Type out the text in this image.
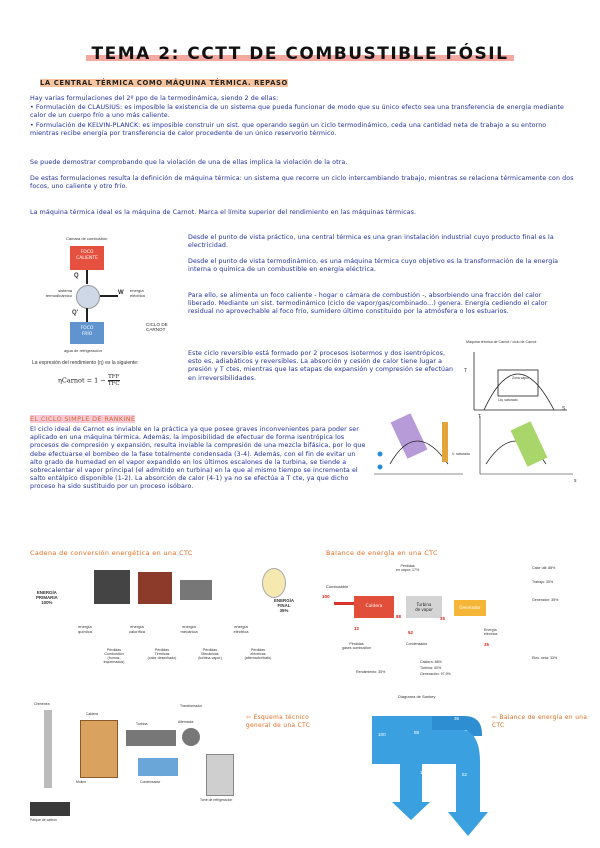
TEMA 2: CCTT DE COMBUSTIBLE FÓSIL
LA CENTRAL TÉRMICA COMO MÁQUINA TÉRMICA. REPASO
Hay varias formulaciones del 2º ppo de la termodinámica, siendo 2 de ellas:
• Formulación de CLAUSIUS: es imposible la existencia de un sistema que pueda funcionar de modo que su único efecto sea una transferencia de energía mediante calor de un cuerpo frío a uno más caliente.
• Formulación de KELVIN-PLANCK: es imposible construir un sist. que operando según un ciclo termodinámico, ceda una cantidad neta de trabajo a su entorno mientras recibe energía por transferencia de calor procedente de un único reservorio térmico.
Se puede demostrar comprobando que la violación de una de ellas implica la violación de la otra.
De estas formulaciones resulta la definición de máquina térmica: un sistema que recorre un ciclo intercambiando trabajo, mientras se relaciona térmicamente con dos focos, uno caliente y otro frío.
La máquina térmica ideal es la máquina de Carnot. Marca el límite superior del rendimiento en las máquinas térmicas.
Cámara de combustión
FOCO
CALIENTE
Q
sistema
termodinámico	W energía
eléctrica
Q'
FOCO
FRÍO
CICLO DE
CARNOT
agua de refrigeración
La expresión del rendimiento (η) es la siguiente:
ηCarnot = 1 − TFF
TFC
Desde el punto de vista práctico, una central térmica es una gran instalación industrial cuyo producto final es la electricidad.
Desde el punto de vista termodinámico, es una máquina térmica cuyo objetivo es la transformación de la energía interna o química de un combustible en energía eléctrica.
Para ello, se alimenta un foco caliente - hogar o cámara de combustión -, absorbiendo una fracción del calor liberado. Mediante un sist. termodinámico (ciclo de vapor/gas/combinado...) genera. Energía cediendo el calor residual no aprovechable al foco frío, sumidero último constituido por la atmósfera o los estuarios.
Este ciclo reversible está formado por 2 procesos isotermos y dos isentrópicos, esto es, adiabáticos y reversibles. La absorción y cesión de calor tiene lugar a presión y T ctes, mientras que las etapas de expansión y compresión se efectúan en irreversibilidades.
Máquina térmica de Carnot / ciclo de Carnot
T
S
Zona vapor
Liq. saturado
EL CICLO SIMPLE DE RANKINE
El ciclo ideal de Carnot es inviable en la práctica ya que posee graves inconvenientes para poder ser aplicado en una máquina térmica. Además, la imposibilidad de efectuar de forma isentrópica los procesos de compresión y expansión, resulta inviable la compresión de una mezcla bifásica, por lo que debe efectuarse el bombeo de la fase totalmente condensada (3-4). Además, con el fin de evitar un alto grado de humedad en el vapor expandido en los últimos escalones de la turbina, se tiende a sobrecalentar el vapor principal (el admitido en turbina) en la que al mismo tiempo se incrementa el salto entálpico disponible (1-2). La absorción de calor (4-1) ya no se efectúa a T cte, ya que dicho proceso ha sido sustituido por un proceso isóbaro.
V. saturado
T
s
Cadena de conversión energética en una CTC
ENERGÍA
PRIMARIA
100%	ENERGÍA
FINAL
35%
energía
química
energía
calorífica
energía
mecánica
energía
eléctrica
Pérdidas
Combustión
(humos,
inquemados)
Pérdidas
Térmicas
(calor desechado)
Pérdidas
Mecánicas
(turbina-vapor)
Pérdidas
eléctricas
(alternador/trafo)
Balance de energía en una CTC
Combustible
100
Caldera
88
Turbina
de vapor	Generador
35
Pérdidas
en vapor: 17%
12
52
Pérdidas
gases combustión
Condensador
Energía
eléctrica
35
Calor útil: 88%
Trabajo: 35%
Generador: 35%
Elec. neta: 33%
Caldera: 88%
Turbina: 40%
Generación: 97,9%
Rendimiento: 35%
Parque de carbón
Molino
Caldera
Turbina	Alternador
Condensador
Torre de refrigeración
Chimenea	Transformador
⇦ Esquema técnico general de una CTC
Diagrama de Sankey
100	88
36	35
12	52
⇦ Balance de energía en una CTC
